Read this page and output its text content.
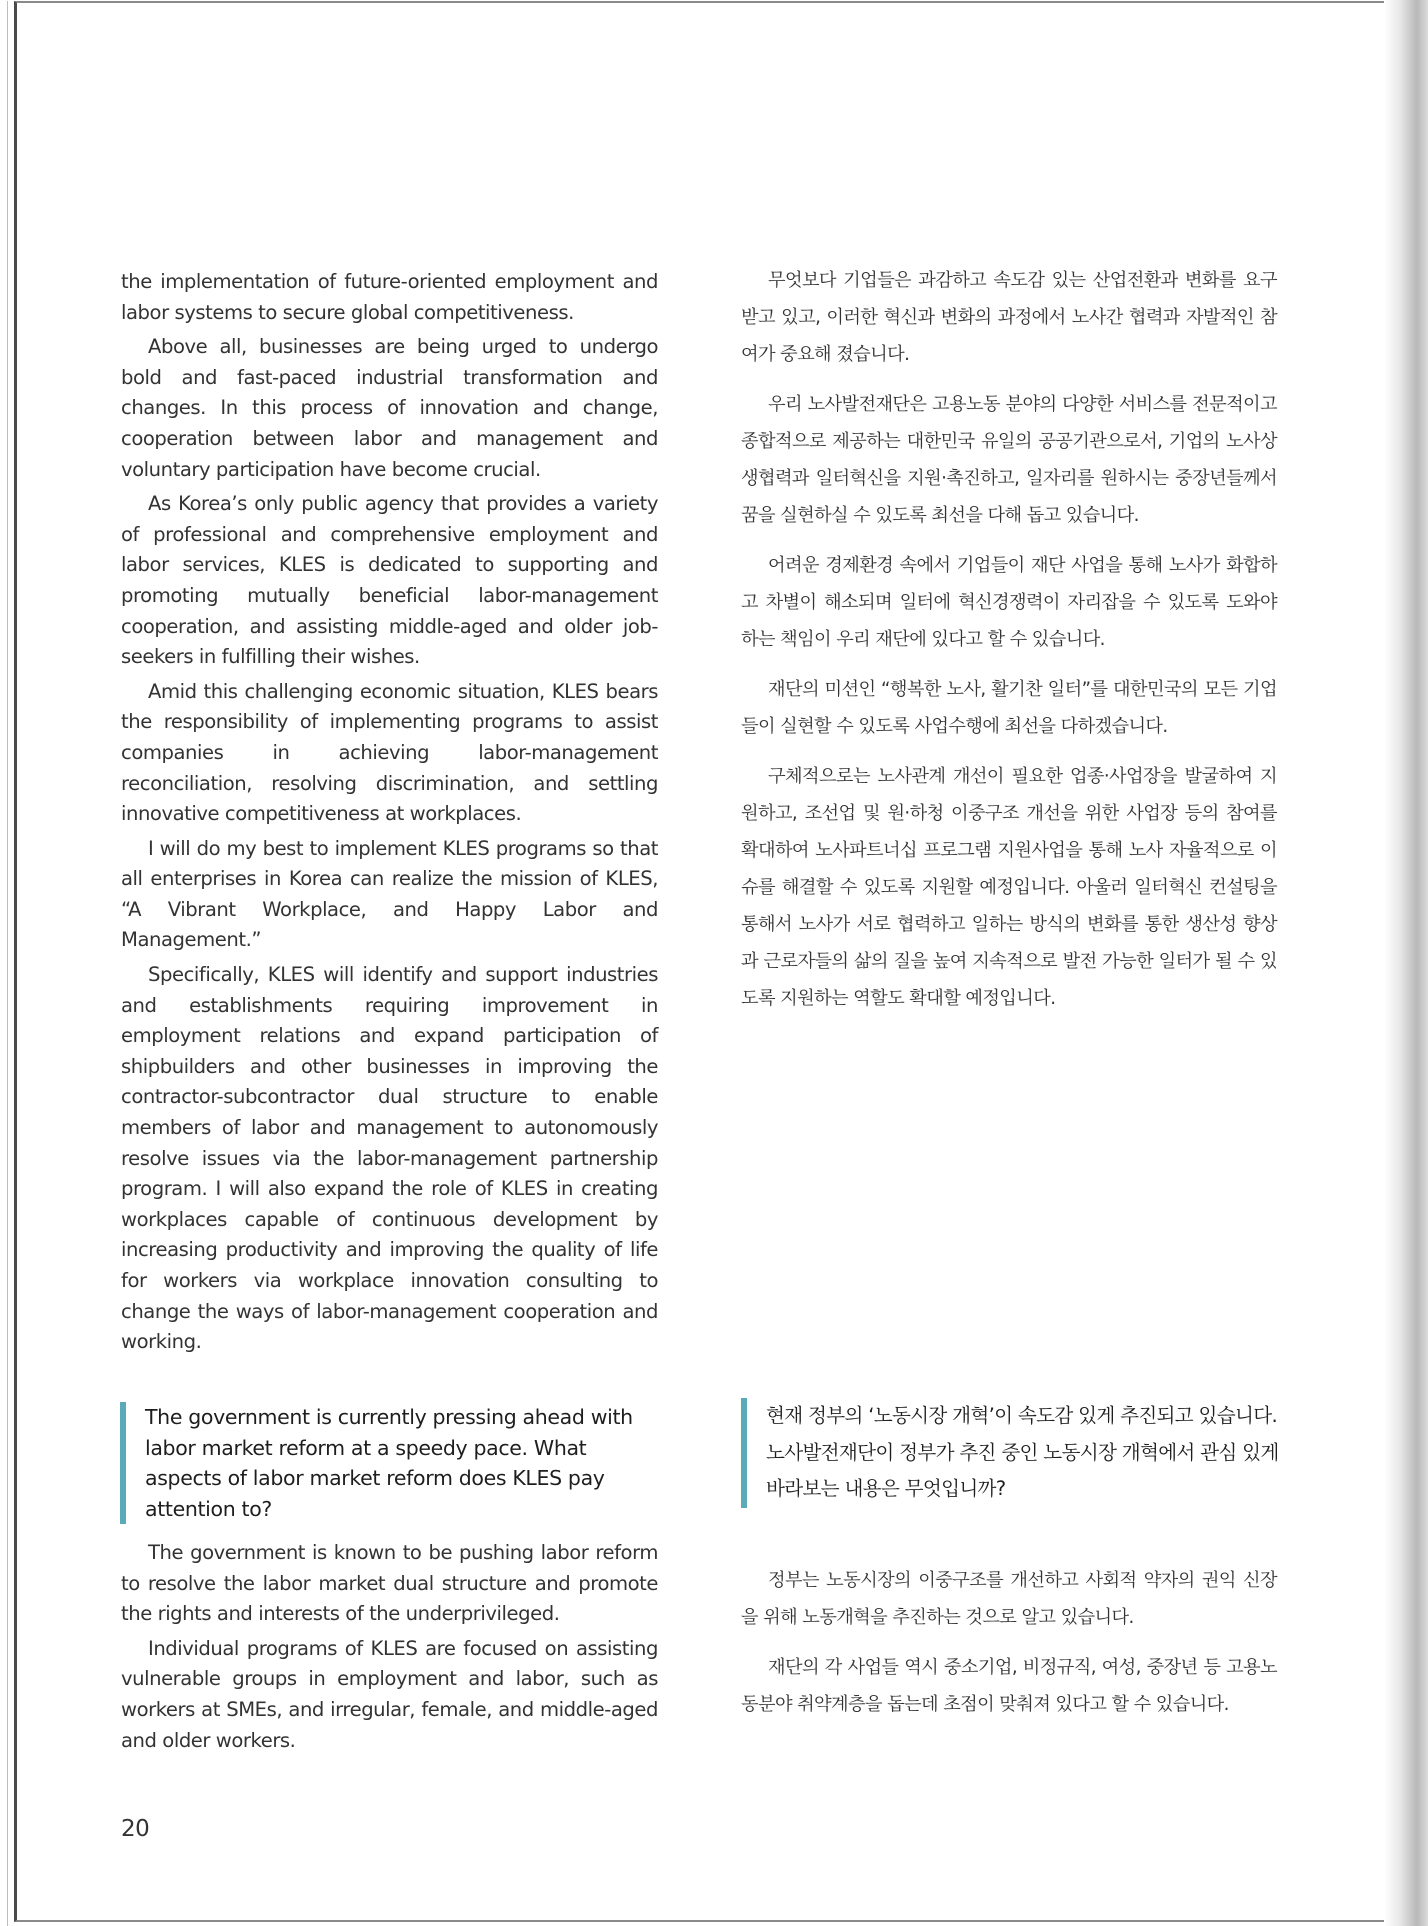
the implementation of future-oriented employment and labor systems to secure global competitiveness.

Above all, businesses are being urged to undergo bold and fast-paced industrial transformation and changes. In this process of innovation and change, cooperation between labor and management and voluntary participation have become crucial.

As Korea’s only public agency that provides a variety of professional and comprehensive employment and labor services, KLES is dedicated to supporting and promoting mutually beneficial labor-management cooperation, and assisting middle-aged and older job-seekers in fulfilling their wishes.

Amid this challenging economic situation, KLES bears the responsibility of implementing programs to assist companies in achieving labor-management reconciliation, resolving discrimination, and settling innovative competitiveness at workplaces.

I will do my best to implement KLES programs so that all enterprises in Korea can realize the mission of KLES, “A Vibrant Workplace, and Happy Labor and Management.”

Specifically, KLES will identify and support industries and establishments requiring improvement in employment relations and expand participation of shipbuilders and other businesses in improving the contractor-subcontractor dual structure to enable members of labor and management to autonomously resolve issues via the labor-management partnership program. I will also expand the role of KLES in creating workplaces capable of continuous development by increasing productivity and improving the quality of life for workers via workplace innovation consulting to change the ways of labor-management cooperation and working.

무엇보다 기업들은 과감하고 속도감 있는 산업전환과 변화를 요구받고 있고, 이러한 혁신과 변화의 과정에서 노사간 협력과 자발적인 참여가 중요해 졌습니다.

우리 노사발전재단은 고용노동 분야의 다양한 서비스를 전문적이고 종합적으로 제공하는 대한민국 유일의 공공기관으로서, 기업의 노사상생협력과 일터혁신을 지원·촉진하고, 일자리를 원하시는 중장년들께서 꿈을 실현하실 수 있도록 최선을 다해 돕고 있습니다.

어려운 경제환경 속에서 기업들이 재단 사업을 통해 노사가 화합하고 차별이 해소되며 일터에 혁신경쟁력이 자리잡을 수 있도록 도와야 하는 책임이 우리 재단에 있다고 할 수 있습니다.

재단의 미션인 “행복한 노사, 활기찬 일터”를 대한민국의 모든 기업들이 실현할 수 있도록 사업수행에 최선을 다하겠습니다.

구체적으로는 노사관계 개선이 필요한 업종·사업장을 발굴하여 지원하고, 조선업 및 원·하청 이중구조 개선을 위한 사업장 등의 참여를 확대하여 노사파트너십 프로그램 지원사업을 통해 노사 자율적으로 이슈를 해결할 수 있도록 지원할 예정입니다. 아울러 일터혁신 컨설팅을 통해서 노사가 서로 협력하고 일하는 방식의 변화를 통한 생산성 향상과 근로자들의 삶의 질을 높여 지속적으로 발전 가능한 일터가 될 수 있도록 지원하는 역할도 확대할 예정입니다.

The government is currently pressing ahead with labor market reform at a speedy pace. What aspects of labor market reform does KLES pay attention to?
현재 정부의 ‘노동시장 개혁’이 속도감 있게 추진되고 있습니다. 노사발전재단이 정부가 추진 중인 노동시장 개혁에서 관심 있게 바라보는 내용은 무엇입니까?

The government is known to be pushing labor reform to resolve the labor market dual structure and promote the rights and interests of the underprivileged.

Individual programs of KLES are focused on assisting vulnerable groups in employment and labor, such as workers at SMEs, and irregular, female, and middle-aged and older workers.

정부는 노동시장의 이중구조를 개선하고 사회적 약자의 권익 신장을 위해 노동개혁을 추진하는 것으로 알고 있습니다.

재단의 각 사업들 역시 중소기업, 비정규직, 여성, 중장년 등 고용노동분야 취약계층을 돕는데 초점이 맞춰져 있다고 할 수 있습니다.

20
